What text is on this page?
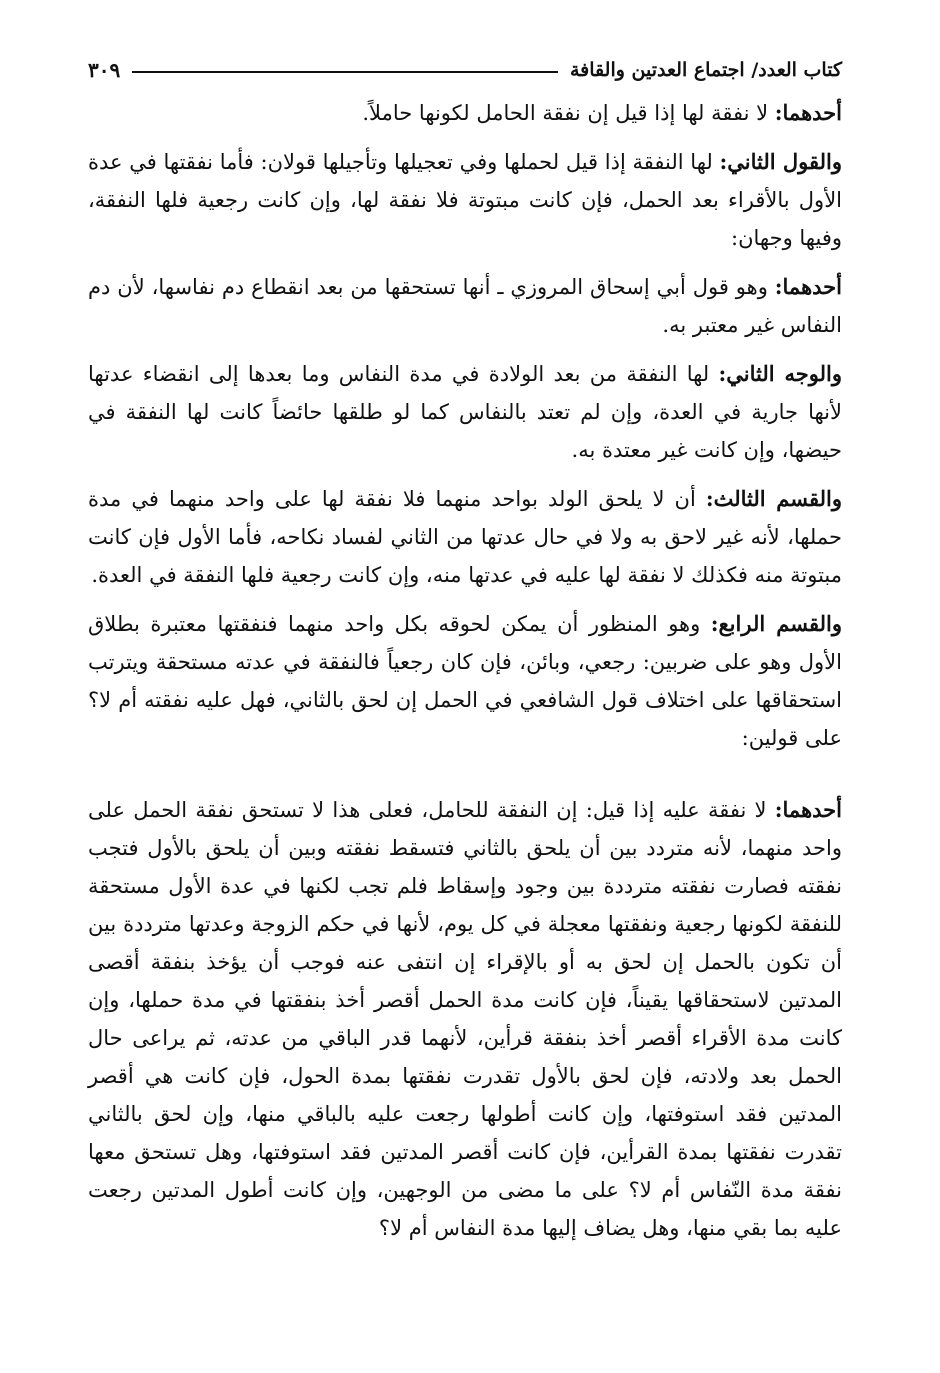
كتاب العدد/ اجتماع العدتين والقافة
٣٠٩

أحدهما: لا نفقة لها إذا قيل إن نفقة الحامل لكونها حاملاً.

والقول الثاني: لها النفقة إذا قيل لحملها وفي تعجيلها وتأجيلها قولان: فأما نفقتها في عدة الأول بالأقراء بعد الحمل، فإن كانت مبتوتة فلا نفقة لها، وإن كانت رجعية فلها النفقة، وفيها وجهان:

أحدهما: وهو قول أبي إسحاق المروزي ـ أنها تستحقها من بعد انقطاع دم نفاسها، لأن دم النفاس غير معتبر به.

والوجه الثاني: لها النفقة من بعد الولادة في مدة النفاس وما بعدها إلى انقضاء عدتها لأنها جارية في العدة، وإن لم تعتد بالنفاس كما لو طلقها حائضاً كانت لها النفقة في حيضها، وإن كانت غير معتدة به.

والقسم الثالث: أن لا يلحق الولد بواحد منهما فلا نفقة لها على واحد منهما في مدة حملها، لأنه غير لاحق به ولا في حال عدتها من الثاني لفساد نكاحه، فأما الأول فإن كانت مبتوتة منه فكذلك لا نفقة لها عليه في عدتها منه، وإن كانت رجعية فلها النفقة في العدة.

والقسم الرابع: وهو المنظور أن يمكن لحوقه بكل واحد منهما فنفقتها معتبرة بطلاق الأول وهو على ضربين: رجعي، وبائن، فإن كان رجعياً فالنفقة في عدته مستحقة ويترتب استحقاقها على اختلاف قول الشافعي في الحمل إن لحق بالثاني، فهل عليه نفقته أم لا؟ على قولين:

أحدهما: لا نفقة عليه إذا قيل: إن النفقة للحامل، فعلى هذا لا تستحق نفقة الحمل على واحد منهما، لأنه متردد بين أن يلحق بالثاني فتسقط نفقته وبين أن يلحق بالأول فتجب نفقته فصارت نفقته مترددة بين وجود وإسقاط فلم تجب لكنها في عدة الأول مستحقة للنفقة لكونها رجعية ونفقتها معجلة في كل يوم، لأنها في حكم الزوجة وعدتها مترددة بين أن تكون بالحمل إن لحق به أو بالإقراء إن انتفى عنه فوجب أن يؤخذ بنفقة أقصى المدتين لاستحقاقها يقيناً، فإن كانت مدة الحمل أقصر أخذ بنفقتها في مدة حملها، وإن كانت مدة الأقراء أقصر أخذ بنفقة قرأين، لأنهما قدر الباقي من عدته، ثم يراعى حال الحمل بعد ولادته، فإن لحق بالأول تقدرت نفقتها بمدة الحول، فإن كانت هي أقصر المدتين فقد استوفتها، وإن كانت أطولها رجعت عليه بالباقي منها، وإن لحق بالثاني تقدرت نفقتها بمدة القرأين، فإن كانت أقصر المدتين فقد استوفتها، وهل تستحق معها نفقة مدة النّفاس أم لا؟ على ما مضى من الوجهين، وإن كانت أطول المدتين رجعت عليه بما بقي منها، وهل يضاف إليها مدة النفاس أم لا؟
